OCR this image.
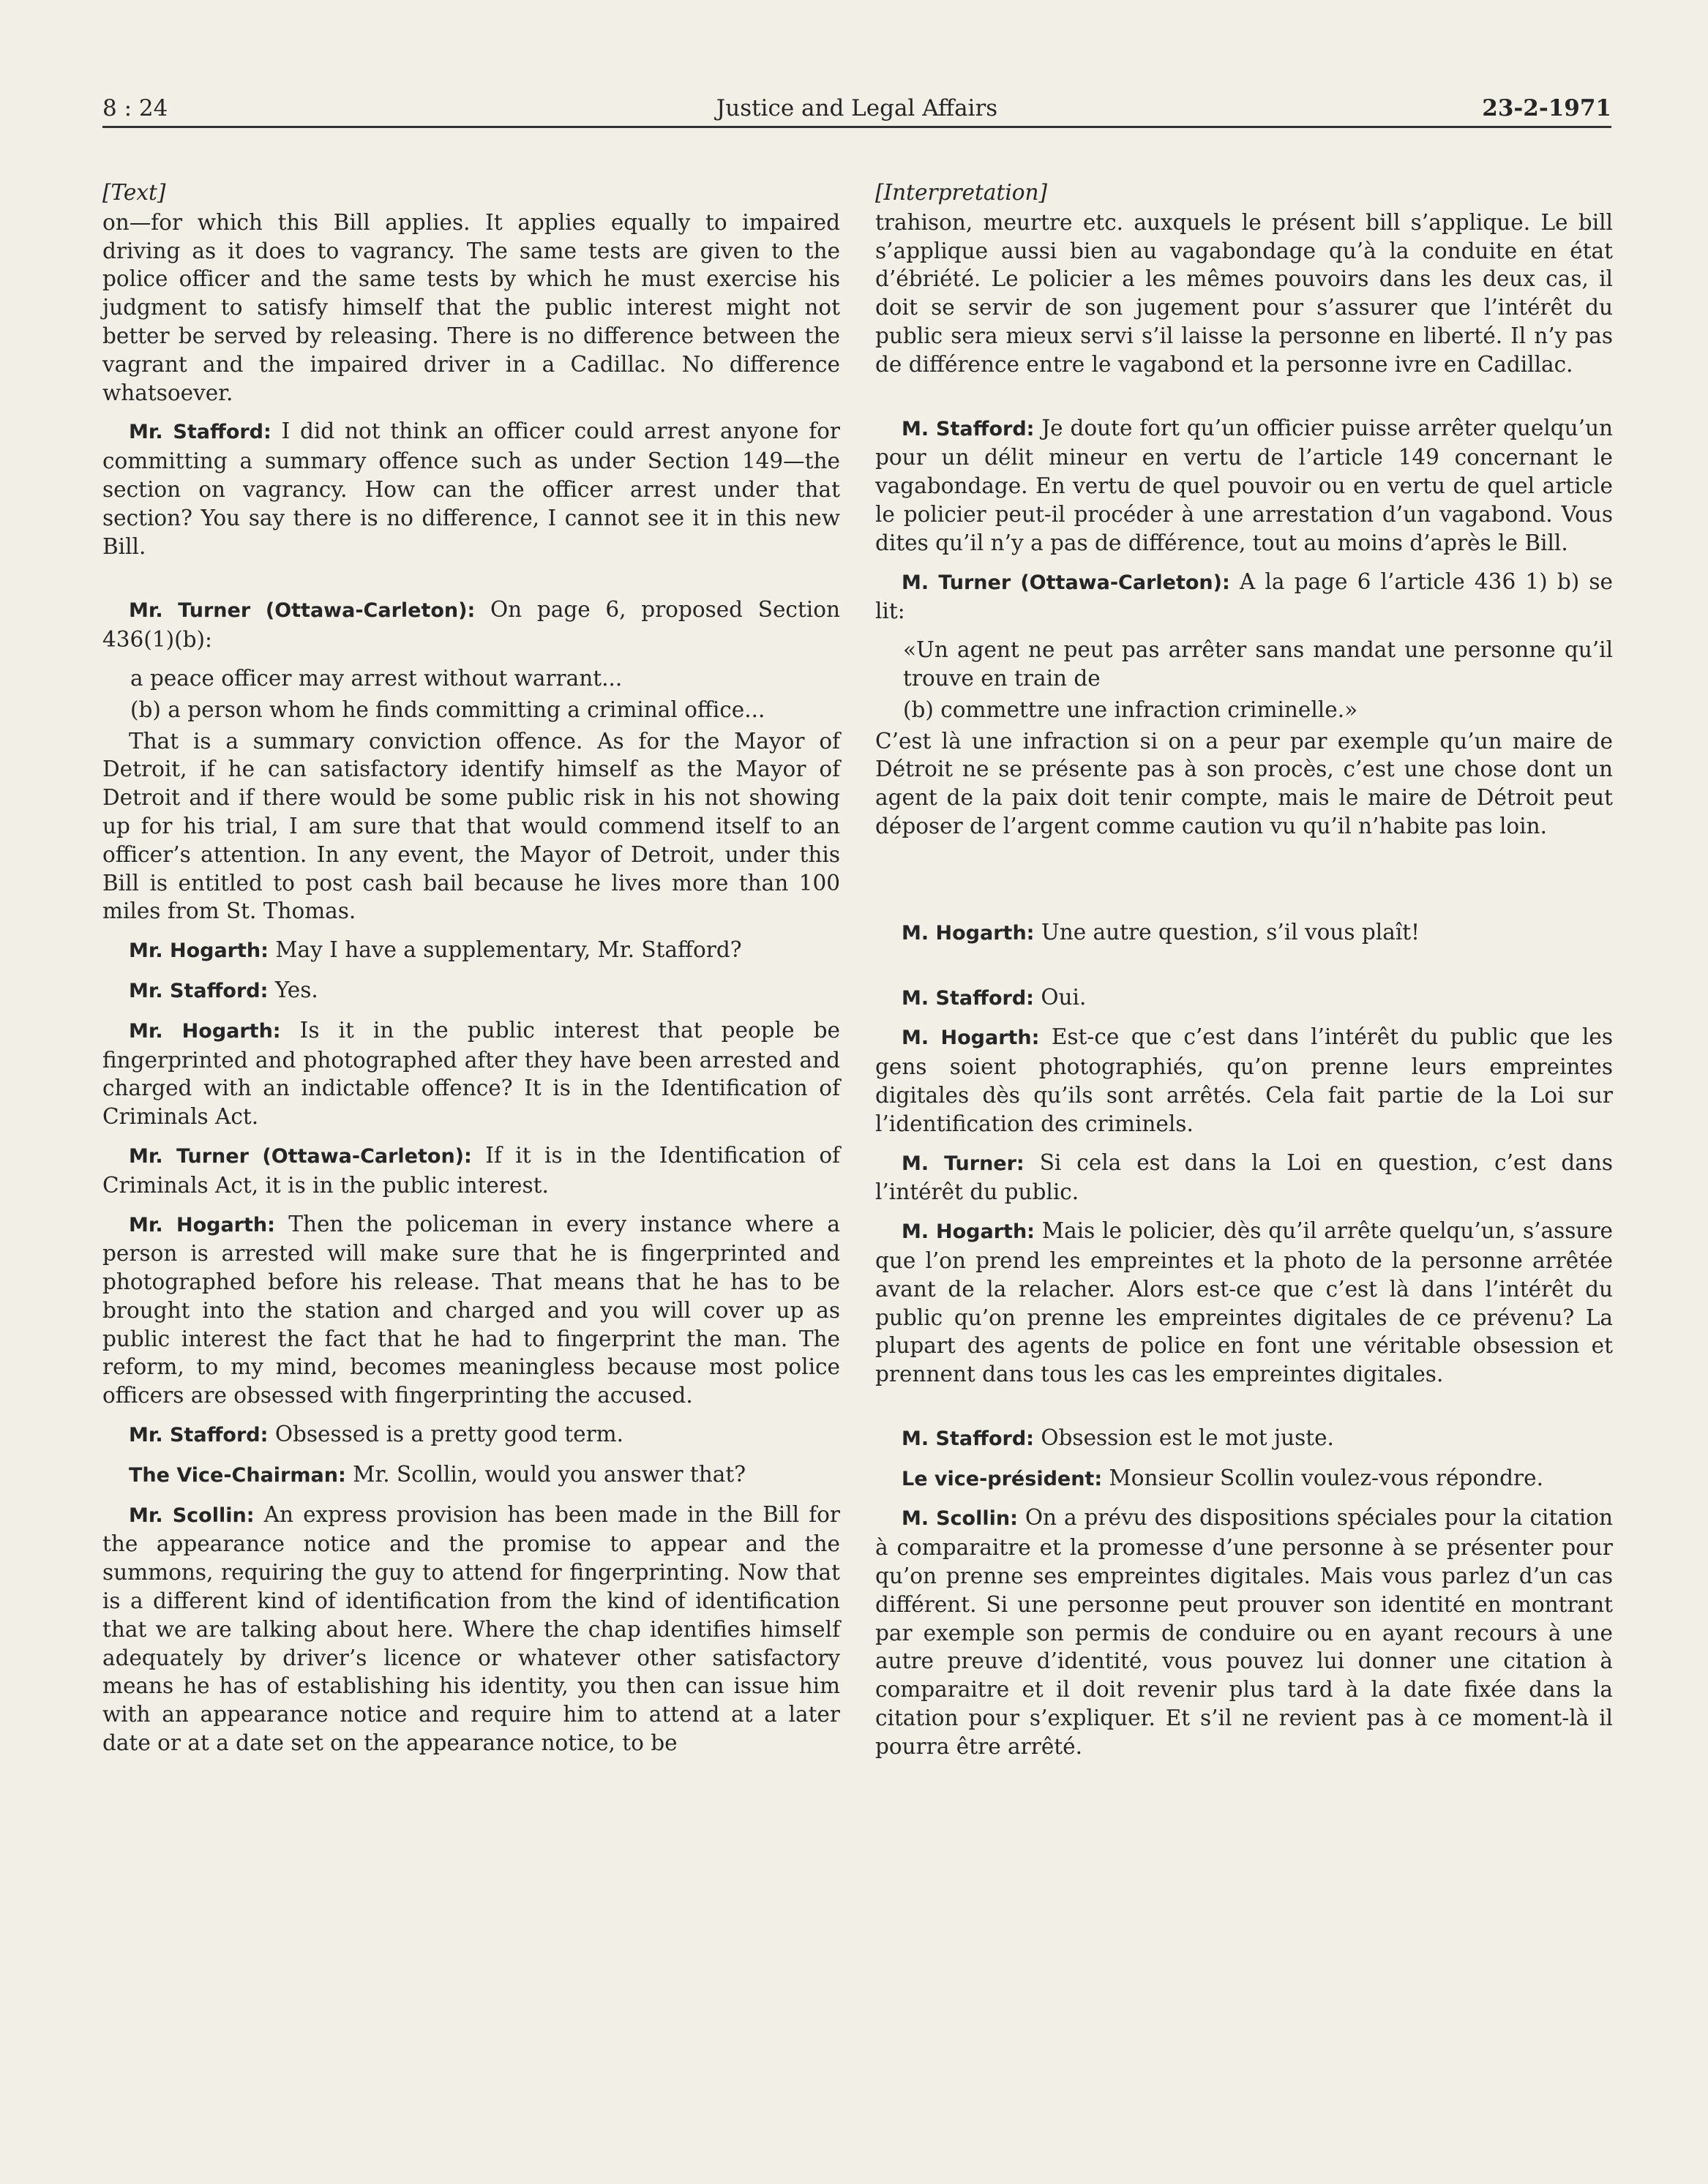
8 : 24	Justice and Legal Affairs	23-2-1971
[Text]

on—for which this Bill applies. It applies equally to impaired driving as it does to vagrancy. The same tests are given to the police officer and the same tests by which he must exercise his judgment to satisfy himself that the public interest might not better be served by releasing. There is no difference between the vagrant and the impaired driver in a Cadillac. No difference whatsoever.

Mr. Stafford: I did not think an officer could arrest anyone for committing a summary offence such as under Section 149—the section on vagrancy. How can the officer arrest under that section? You say there is no difference, I cannot see it in this new Bill.

Mr. Turner (Ottawa-Carleton): On page 6, proposed Section 436(1)(b):

a peace officer may arrest without warrant...

(b) a person whom he finds committing a criminal office...

That is a summary conviction offence. As for the Mayor of Detroit, if he can satisfactory identify himself as the Mayor of Detroit and if there would be some public risk in his not showing up for his trial, I am sure that that would commend itself to an officer’s attention. In any event, the Mayor of Detroit, under this Bill is entitled to post cash bail because he lives more than 100 miles from St. Thomas.

Mr. Hogarth: May I have a supplementary, Mr. Stafford?

Mr. Stafford: Yes.

Mr. Hogarth: Is it in the public interest that people be fingerprinted and photographed after they have been arrested and charged with an indictable offence? It is in the Identification of Criminals Act.

Mr. Turner (Ottawa-Carleton): If it is in the Identification of Criminals Act, it is in the public interest.

Mr. Hogarth: Then the policeman in every instance where a person is arrested will make sure that he is fingerprinted and photographed before his release. That means that he has to be brought into the station and charged and you will cover up as public interest the fact that he had to fingerprint the man. The reform, to my mind, becomes meaningless because most police officers are obsessed with fingerprinting the accused.

Mr. Stafford: Obsessed is a pretty good term.

The Vice-Chairman: Mr. Scollin, would you answer that?

Mr. Scollin: An express provision has been made in the Bill for the appearance notice and the promise to appear and the summons, requiring the guy to attend for fingerprinting. Now that is a different kind of identification from the kind of identification that we are talking about here. Where the chap identifies himself adequately by driver’s licence or whatever other satisfactory means he has of establishing his identity, you then can issue him with an appearance notice and require him to attend at a later date or at a date set on the appearance notice, to be

[Interpretation]

trahison, meurtre etc. auxquels le présent bill s’applique. Le bill s’applique aussi bien au vagabondage qu’à la conduite en état d’ébriété. Le policier a les mêmes pouvoirs dans les deux cas, il doit se servir de son jugement pour s’assurer que l’intérêt du public sera mieux servi s’il laisse la personne en liberté. Il n’y pas de différence entre le vagabond et la personne ivre en Cadillac.

M. Stafford: Je doute fort qu’un officier puisse arrêter quelqu’un pour un délit mineur en vertu de l’article 149 concernant le vagabondage. En vertu de quel pouvoir ou en vertu de quel article le policier peut-il procéder à une arrestation d’un vagabond. Vous dites qu’il n’y a pas de différence, tout au moins d’après le Bill.

M. Turner (Ottawa-Carleton): A la page 6 l’article 436 1) b) se lit:

«Un agent ne peut pas arrêter sans mandat une personne qu’il trouve en train de

(b) commettre une infraction criminelle.»

C’est là une infraction si on a peur par exemple qu’un maire de Détroit ne se présente pas à son procès, c’est une chose dont un agent de la paix doit tenir compte, mais le maire de Détroit peut déposer de l’argent comme caution vu qu’il n’habite pas loin.

M. Hogarth: Une autre question, s’il vous plaît!

M. Stafford: Oui.

M. Hogarth: Est-ce que c’est dans l’intérêt du public que les gens soient photographiés, qu’on prenne leurs empreintes digitales dès qu’ils sont arrêtés. Cela fait partie de la Loi sur l’identification des criminels.

M. Turner: Si cela est dans la Loi en question, c’est dans l’intérêt du public.

M. Hogarth: Mais le policier, dès qu’il arrête quelqu’un, s’assure que l’on prend les empreintes et la photo de la personne arrêtée avant de la relacher. Alors est-ce que c’est là dans l’intérêt du public qu’on prenne les empreintes digitales de ce prévenu? La plupart des agents de police en font une véritable obsession et prennent dans tous les cas les empreintes digitales.

M. Stafford: Obsession est le mot juste.

Le vice-président: Monsieur Scollin voulez-vous répondre.

M. Scollin: On a prévu des dispositions spéciales pour la citation à comparaitre et la promesse d’une personne à se présenter pour qu’on prenne ses empreintes digitales. Mais vous parlez d’un cas différent. Si une personne peut prouver son identité en montrant par exemple son permis de conduire ou en ayant recours à une autre preuve d’identité, vous pouvez lui donner une citation à comparaitre et il doit revenir plus tard à la date fixée dans la citation pour s’expliquer. Et s’il ne revient pas à ce moment-là il pourra être arrêté.
